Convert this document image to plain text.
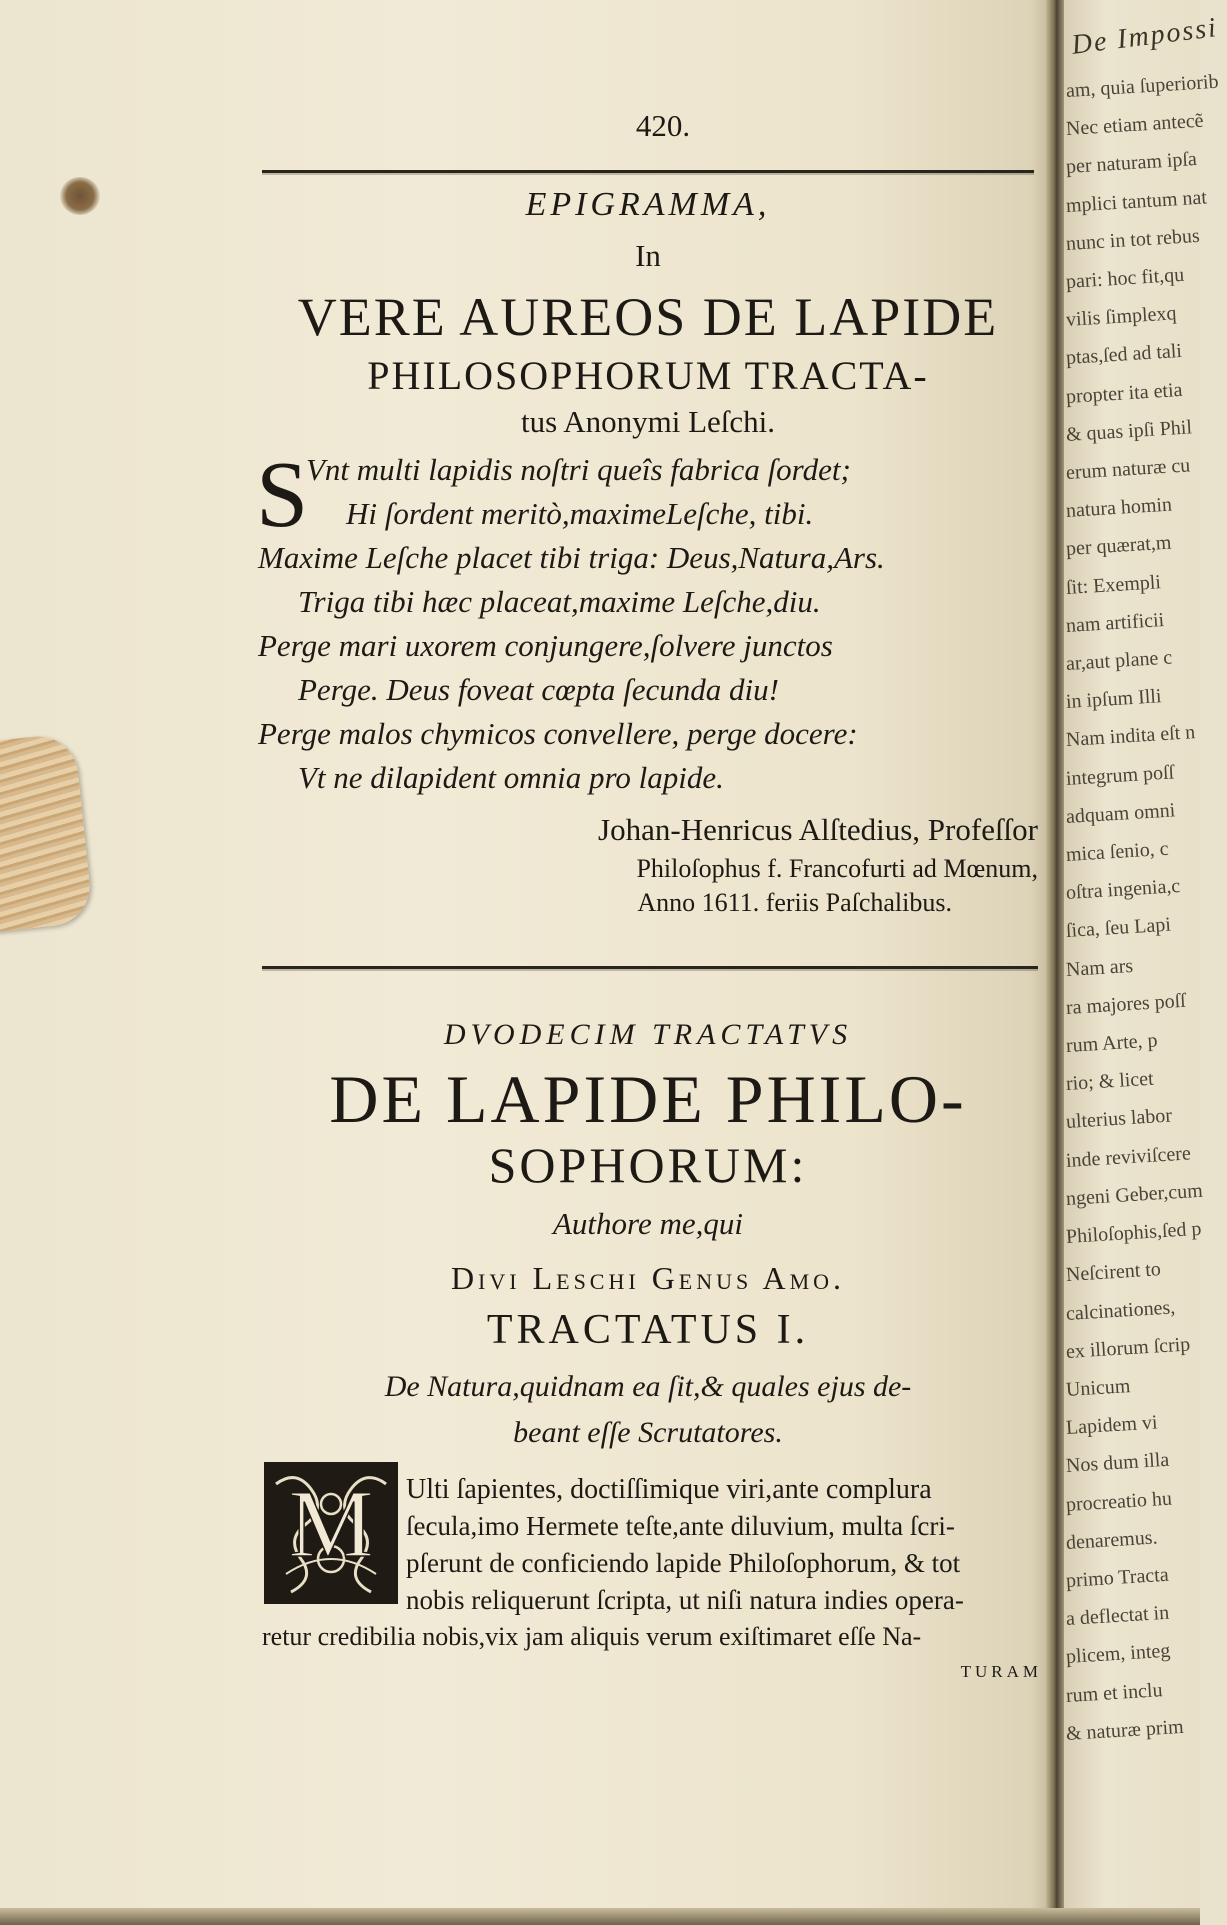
De Impossi
am, quia ſuperiorib
Nec etiam antecẽ
per naturam ipſa
mplici tantum nat
nunc in tot rebus
pari: hoc fit,qu
vilis ſimplexq
ptas,ſed ad tali
propter ita etia
& quas ipſi Phil
erum naturæ cu
natura homin
per quærat,m
ſit: Exempli
nam artificii
ar,aut plane c
in ipſum Illi
Nam indita eſt n
integrum poſſ
adquam omni
mica ſenio, c
oſtra ingenia,c
ſica, ſeu Lapi
Nam ars
ra majores poſſ
rum Arte, p
rio; & licet
ulterius labor
inde reviviſcere
ngeni Geber,cum
Philoſophis,ſed p
Neſcirent to
calcinationes,
ex illorum ſcrip
Unicum
Lapidem vi
Nos dum illa
procreatio hu
denaremus.
primo Tracta
a deflectat in
plicem, integ
rum et inclu
& naturæ prim
420.
EPIGRAMMA,
In
VERE AUREOS DE LAPIDE
PHILOSOPHORUM TRACTA-
tus Anonymi Leſchi.
S
Vnt multi lapidis noſtri queîs fabrica ſordet;
Hi ſordent meritò,maximeLeſche, tibi.
Maxime Leſche placet tibi triga: Deus,Natura,Ars.
Triga tibi hæc placeat,maxime Leſche,diu.
Perge mari uxorem conjungere,ſolvere junctos
Perge. Deus foveat cœpta ſecunda diu!
Perge malos chymicos convellere, perge docere:
Vt ne dilapident omnia pro lapide.
Johan-Henricus Alſtedius, Profeſſor
Philoſophus f. Francofurti ad Mœnum,
Anno 1611. feriis Paſchalibus.
DVODECIM TRACTATVS
DE LAPIDE PHILO-
SOPHORUM:
Authore me,qui
Divi Leschi Genus Amo.
TRACTATUS I.
De Natura,quidnam ea ſit,& quales ejus de-
beant eſſe Scrutatores.
M Ulti ſapientes, doctiſſimique viri,ante complura
ſecula,imo Hermete teſte,ante diluvium, multa ſcri-
pſerunt de conficiendo lapide Philoſophorum, & tot
nobis reliquerunt ſcripta, ut niſi natura indies opera-
retur credibilia nobis,vix jam aliquis verum exiſtimaret eſſe Na-
TURAM
